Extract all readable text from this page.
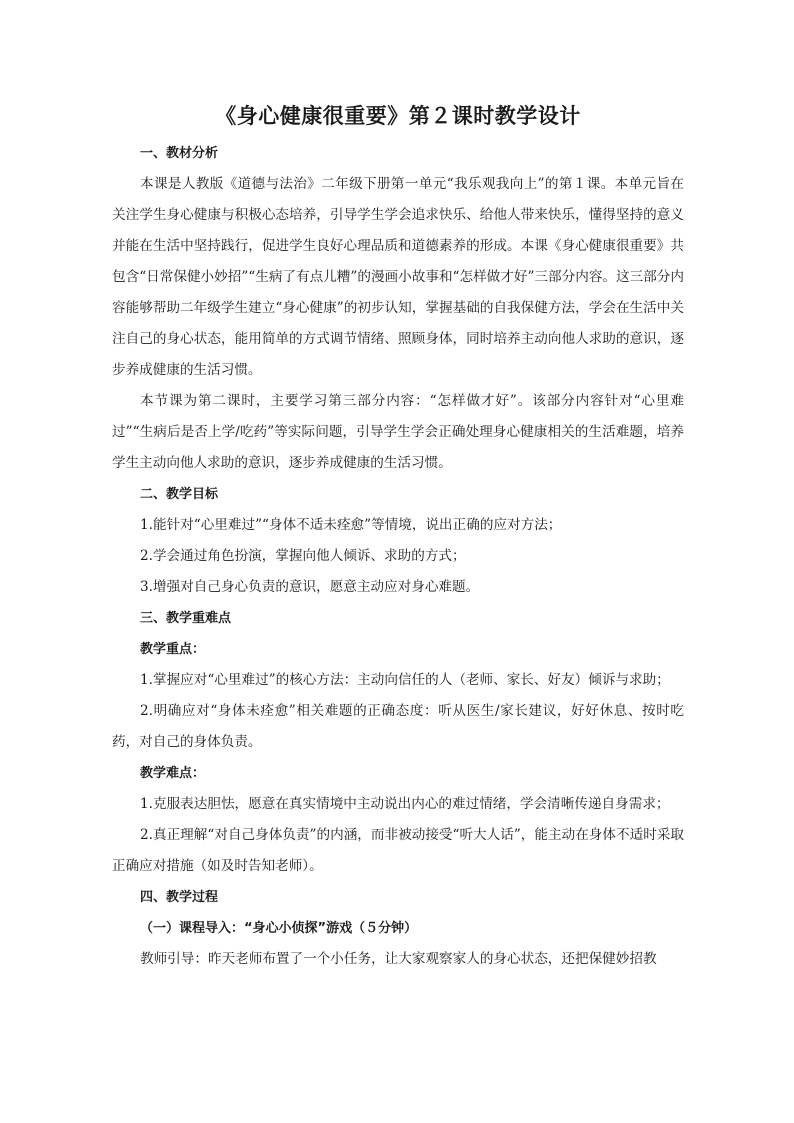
《身心健康很重要》第２课时教学设计

一、教材分析

本课是人教版《道德与法治》二年级下册第一单元“我乐观我向上”的第１课。本单元旨在关注学生身心健康与积极心态培养，引导学生学会追求快乐、给他人带来快乐，懂得坚持的意义并能在生活中坚持践行，促进学生良好心理品质和道德素养的形成。本课《身心健康很重要》共包含“日常保健小妙招”“生病了有点儿糟”的漫画小故事和“怎样做才好”三部分内容。这三部分内容能够帮助二年级学生建立“身心健康”的初步认知，掌握基础的自我保健方法，学会在生活中关注自己的身心状态，能用简单的方式调节情绪、照顾身体，同时培养主动向他人求助的意识，逐步养成健康的生活习惯。

本节课为第二课时，主要学习第三部分内容：“怎样做才好”。该部分内容针对“心里难过”“生病后是否上学/吃药”等实际问题，引导学生学会正确处理身心健康相关的生活难题，培养学生主动向他人求助的意识，逐步养成健康的生活习惯。

二、教学目标

1.能针对“心里难过”“身体不适未痊愈”等情境，说出正确的应对方法；

2.学会通过角色扮演，掌握向他人倾诉、求助的方式；

3.增强对自己身心负责的意识，愿意主动应对身心难题。

三、教学重难点

教学重点：

1.掌握应对“心里难过”的核心方法：主动向信任的人（老师、家长、好友）倾诉与求助；

2.明确应对“身体未痊愈”相关难题的正确态度：听从医生/家长建议，好好休息、按时吃药，对自己的身体负责。

教学难点：

1.克服表达胆怯，愿意在真实情境中主动说出内心的难过情绪，学会清晰传递自身需求；

2.真正理解“对自己身体负责”的内涵，而非被动接受“听大人话”，能主动在身体不适时采取正确应对措施（如及时告知老师）。

四、教学过程

（一）课程导入：“身心小侦探”游戏（５分钟）

教师引导：昨天老师布置了一个小任务，让大家观察家人的身心状态，还把保健妙招教
